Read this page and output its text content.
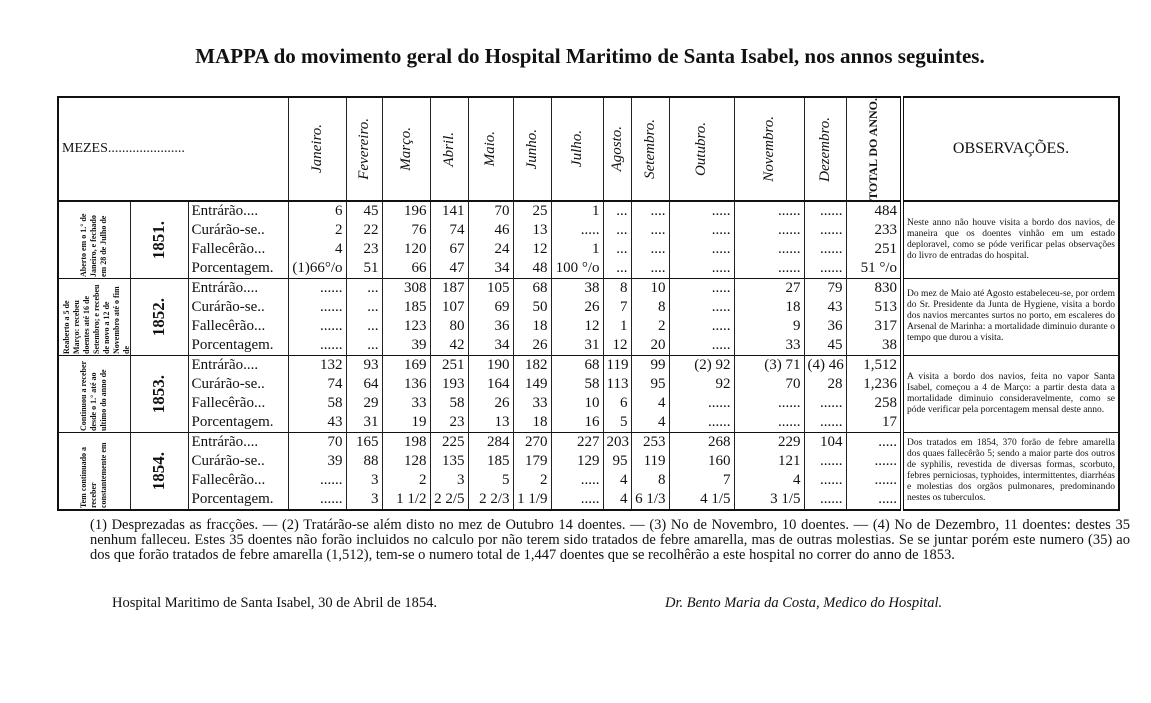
MAPPA do movimento geral do Hospital Maritimo de Santa Isabel, nos annos seguintes.
MEZES......................			Janeiro.	Fevereiro.	Março.	Abril.	Maio.	Junho.	Julho.	Agosto.	Setembro.	Outubro.	Novembro.	Dezembro.	TOTAL DO ANNO.	OBSERVAÇÕES.

Aberto em o 1.° de Janeiro, e fechado em 28 de Julho de	1851.	Entrárão....	6	45	196	141	70	25	1	...	....	.....	......	......	484	Neste anno não houve visita a bordo dos navios, de maneira que os doentes vinhão em um estado deploravel, como se póde verificar pelas observações do livro de entradas do hospital.
		Curárão-se..	2	22	76	74	46	13	.....	...	....	.....	......	......	233	
		Fallecêrão...	4	23	120	67	24	12	1	...	....	.....	......	......	251	
		Porcentagem.	(1)66°/o	51	66	47	34	48	100 °/o	...	....	.....	......	......	51 °/o	

Reaberto a 5 de Março: recebeu doentes até 16 de Setembro; e recebeu de novo a 12 de Novembro até o fim de	1852.	Entrárão....	......	...	308	187	105	68	38	8	10	.....	27	79	830	Do mez de Maio até Agosto estabeleceu-se, por ordem do Sr. Presidente da Junta de Hygiene, visita a bordo dos navios mercantes surtos no porto, em escaleres do Arsenal de Marinha: a mortalidade diminuio durante o tempo que durou a visita.
		Curárão-se..	......	...	185	107	69	50	26	7	8	.....	18	43	513	
		Fallecêrão...	......	...	123	80	36	18	12	1	2	.....	9	36	317	
		Porcentagem.	......	...	39	42	34	26	31	12	20	.....	33	45	38	

Continuou a receber desde o 1.° até ao ultimo do anno de	1853.	Entrárão....	132	93	169	251	190	182	68	119	99	(2) 92	(3) 71	(4) 46	1,512	A visita a bordo dos navios, feita no vapor Santa Isabel, começou a 4 de Março: a partir desta data a mortalidade diminuio consideravelmente, como se póde verificar pela porcentagem mensal deste anno.
		Curárão-se..	74	64	136	193	164	149	58	113	95	92	70	28	1,236	
		Fallecêrão...	58	29	33	58	26	33	10	6	4	......	......	......	258	
		Porcentagem.	43	31	19	23	13	18	16	5	4	......	......	......	17	

Tem continuado a receber constantemente em	1854.	Entrárão....	70	165	198	225	284	270	227	203	253	268	229	104	.....	Dos tratados em 1854, 370 forão de febre amarella dos quaes fallecêrão 5; sendo a maior parte dos outros de syphilis, revestida de diversas formas, scorbuto, febres perniciosas, typhoides, intermittentes, diarrhéas e molestias dos orgãos pulmonares, predominando nestes os tuberculos.
		Curárão-se..	39	88	128	135	185	179	129	95	119	160	121	......	......	
		Fallecêrão...	......	3	2	3	5	2	.....	4	8	7	4	......	......	
		Porcentagem.	......	3	1 1/2	2 2/5	2 2/3	1 1/9	.....	4	6 1/3	4 1/5	3 1/5	......	.....	
(1) Desprezadas as fracções. — (2) Tratárão-se além disto no mez de Outubro 14 doentes. — (3) No de Novembro, 10 doentes. — (4) No de Dezembro, 11 doentes: destes 35 nenhum falleceu. Estes 35 doentes não forão incluidos no calculo por não terem sido tratados de febre amarella, mas de outras molestias. Se se juntar porém este numero (35) ao dos que forão tratados de febre amarella (1,512), tem-se o numero total de 1,447 doentes que se recolhêrão a este hospital no correr do anno de 1853.
Hospital Maritimo de Santa Isabel, 30 de Abril de 1854.	Dr. Bento Maria da Costa, Medico do Hospital.
